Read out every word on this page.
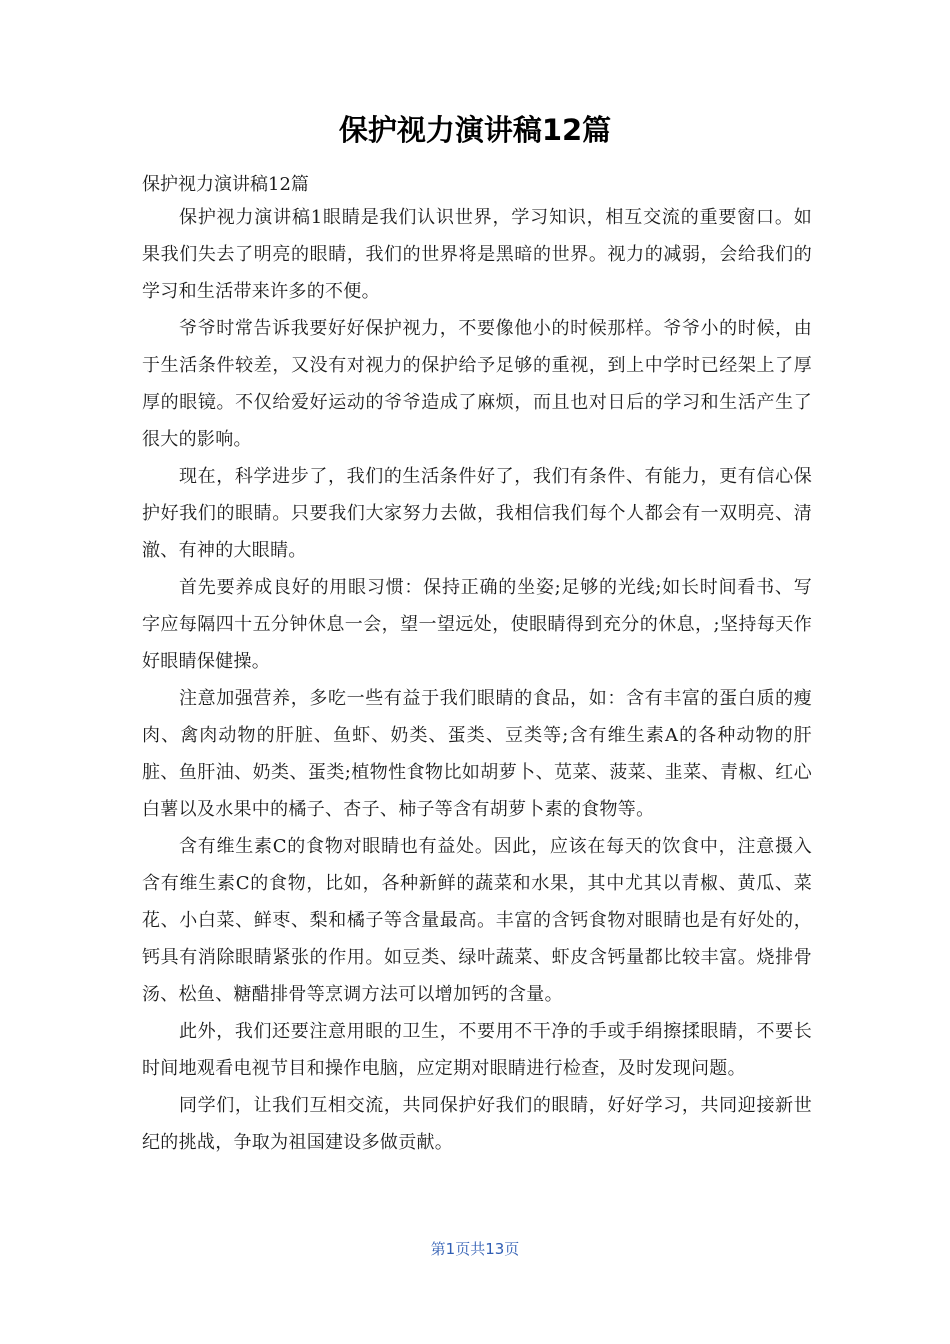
保护视力演讲稿12篇

保护视力演讲稿12篇

保护视力演讲稿1眼睛是我们认识世界，学习知识，相互交流的重要窗口。如果我们失去了明亮的眼睛，我们的世界将是黑暗的世界。视力的减弱，会给我们的学习和生活带来许多的不便。

爷爷时常告诉我要好好保护视力，不要像他小的时候那样。爷爷小的时候，由于生活条件较差，又没有对视力的保护给予足够的重视，到上中学时已经架上了厚厚的眼镜。不仅给爱好运动的爷爷造成了麻烦，而且也对日后的学习和生活产生了很大的影响。

现在，科学进步了，我们的生活条件好了，我们有条件、有能力，更有信心保护好我们的眼睛。只要我们大家努力去做，我相信我们每个人都会有一双明亮、清澈、有神的大眼睛。

首先要养成良好的用眼习惯：保持正确的坐姿;足够的光线;如长时间看书、写字应每隔四十五分钟休息一会，望一望远处，使眼睛得到充分的休息，;坚持每天作好眼睛保健操。

注意加强营养，多吃一些有益于我们眼睛的食品，如：含有丰富的蛋白质的瘦肉、禽肉动物的肝脏、鱼虾、奶类、蛋类、豆类等;含有维生素A的各种动物的肝脏、鱼肝油、奶类、蛋类;植物性食物比如胡萝卜、苋菜、菠菜、韭菜、青椒、红心白薯以及水果中的橘子、杏子、柿子等含有胡萝卜素的食物等。

含有维生素C的食物对眼睛也有益处。因此，应该在每天的饮食中，注意摄入含有维生素C的食物，比如，各种新鲜的蔬菜和水果，其中尤其以青椒、黄瓜、菜花、小白菜、鲜枣、梨和橘子等含量最高。丰富的含钙食物对眼睛也是有好处的，钙具有消除眼睛紧张的作用。如豆类、绿叶蔬菜、虾皮含钙量都比较丰富。烧排骨汤、松鱼、糖醋排骨等烹调方法可以增加钙的含量。

此外，我们还要注意用眼的卫生，不要用不干净的手或手绢擦揉眼睛，不要长时间地观看电视节目和操作电脑，应定期对眼睛进行检查，及时发现问题。

同学们，让我们互相交流，共同保护好我们的眼睛，好好学习，共同迎接新世纪的挑战，争取为祖国建设多做贡献。

第1页共13页
